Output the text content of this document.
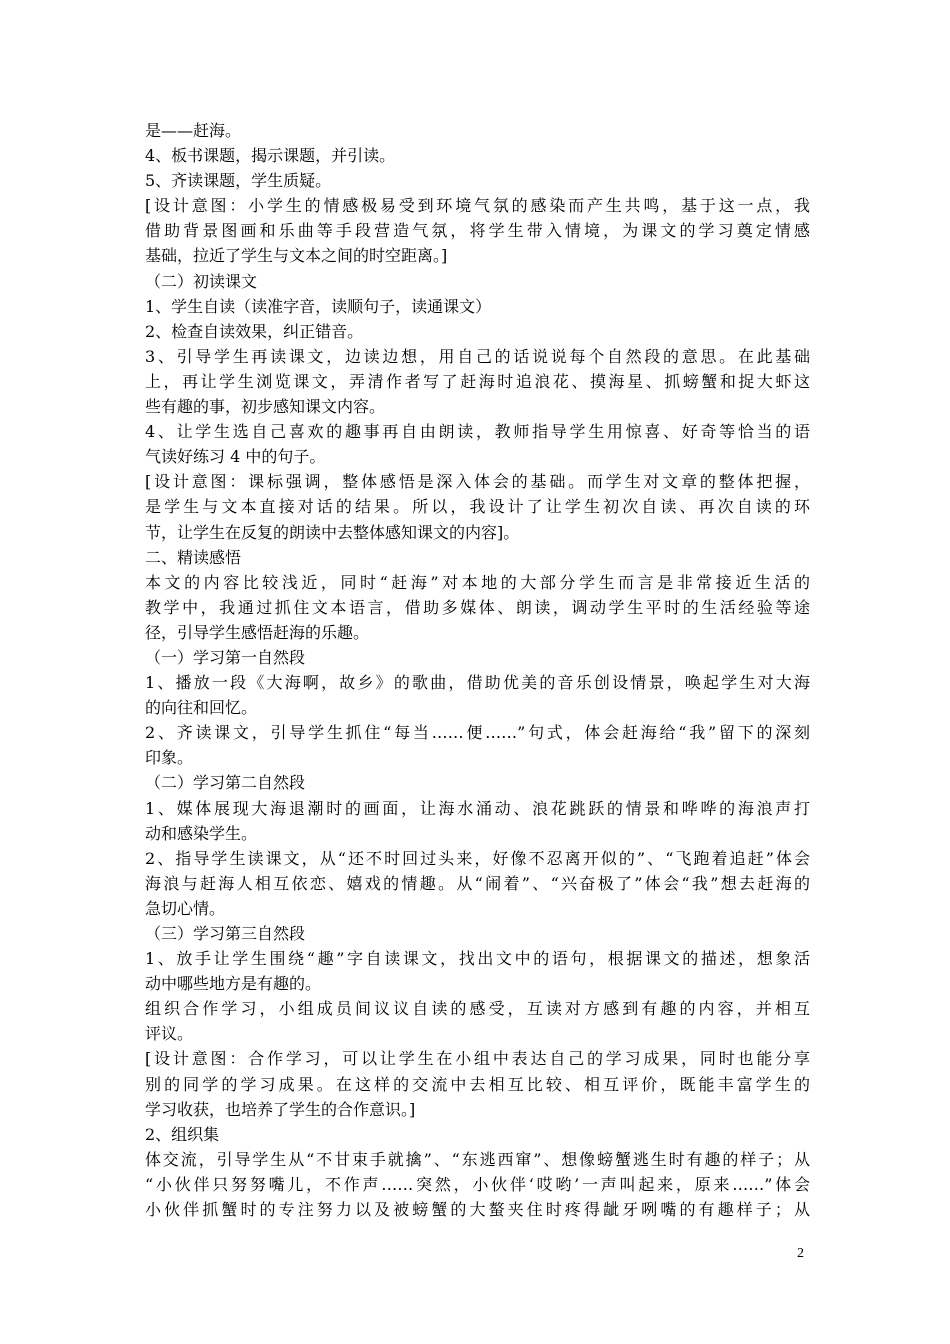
是——赶海。
4、板书课题，揭示课题，并引读。
5、齐读课题，学生质疑。
[设计意图：小学生的情感极易受到环境气氛的感染而产生共鸣，基于这一点，我
借助背景图画和乐曲等手段营造气氛，将学生带入情境，为课文的学习奠定情感
基础，拉近了学生与文本之间的时空距离。]
（二）初读课文
1、学生自读（读准字音，读顺句子，读通课文）
2、检查自读效果，纠正错音。
3、引导学生再读课文，边读边想，用自己的话说说每个自然段的意思。在此基础
上，再让学生浏览课文，弄清作者写了赶海时追浪花、摸海星、抓螃蟹和捉大虾这
些有趣的事，初步感知课文内容。
4、让学生选自己喜欢的趣事再自由朗读，教师指导学生用惊喜、好奇等恰当的语
气读好练习 4 中的句子。
[设计意图：课标强调，整体感悟是深入体会的基础。而学生对文章的整体把握，
是学生与文本直接对话的结果。所以，我设计了让学生初次自读、再次自读的环
节，让学生在反复的朗读中去整体感知课文的内容]。
二、精读感悟
本文的内容比较浅近，同时“赶海”对本地的大部分学生而言是非常接近生活的
教学中，我通过抓住文本语言，借助多媒体、朗读，调动学生平时的生活经验等途
径，引导学生感悟赶海的乐趣。
（一）学习第一自然段
1、播放一段《大海啊，故乡》的歌曲，借助优美的音乐创设情景，唤起学生对大海
的向往和回忆。
2、齐读课文，引导学生抓住“每当……便……”句式，体会赶海给“我”留下的深刻
印象。
（二）学习第二自然段
1、媒体展现大海退潮时的画面，让海水涌动、浪花跳跃的情景和哗哗的海浪声打
动和感染学生。
2、指导学生读课文，从“还不时回过头来，好像不忍离开似的”、“飞跑着追赶”体会
海浪与赶海人相互依恋、嬉戏的情趣。从“闹着”、“兴奋极了”体会“我”想去赶海的
急切心情。
（三）学习第三自然段
1、放手让学生围绕“趣”字自读课文，找出文中的语句，根据课文的描述，想象活
动中哪些地方是有趣的。
组织合作学习，小组成员间议议自读的感受，互读对方感到有趣的内容，并相互
评议。
[设计意图：合作学习，可以让学生在小组中表达自己的学习成果，同时也能分享
别的同学的学习成果。在这样的交流中去相互比较、相互评价，既能丰富学生的
学习收获，也培养了学生的合作意识。]
2、组织集
体交流，引导学生从“不甘束手就擒”、“东逃西窜”、想像螃蟹逃生时有趣的样子；从
“小伙伴只努努嘴儿，不作声……突然，小伙伴‘哎哟’一声叫起来，原来……”体会
小伙伴抓蟹时的专注努力以及被螃蟹的大螯夹住时疼得龇牙咧嘴的有趣样子；从
2
